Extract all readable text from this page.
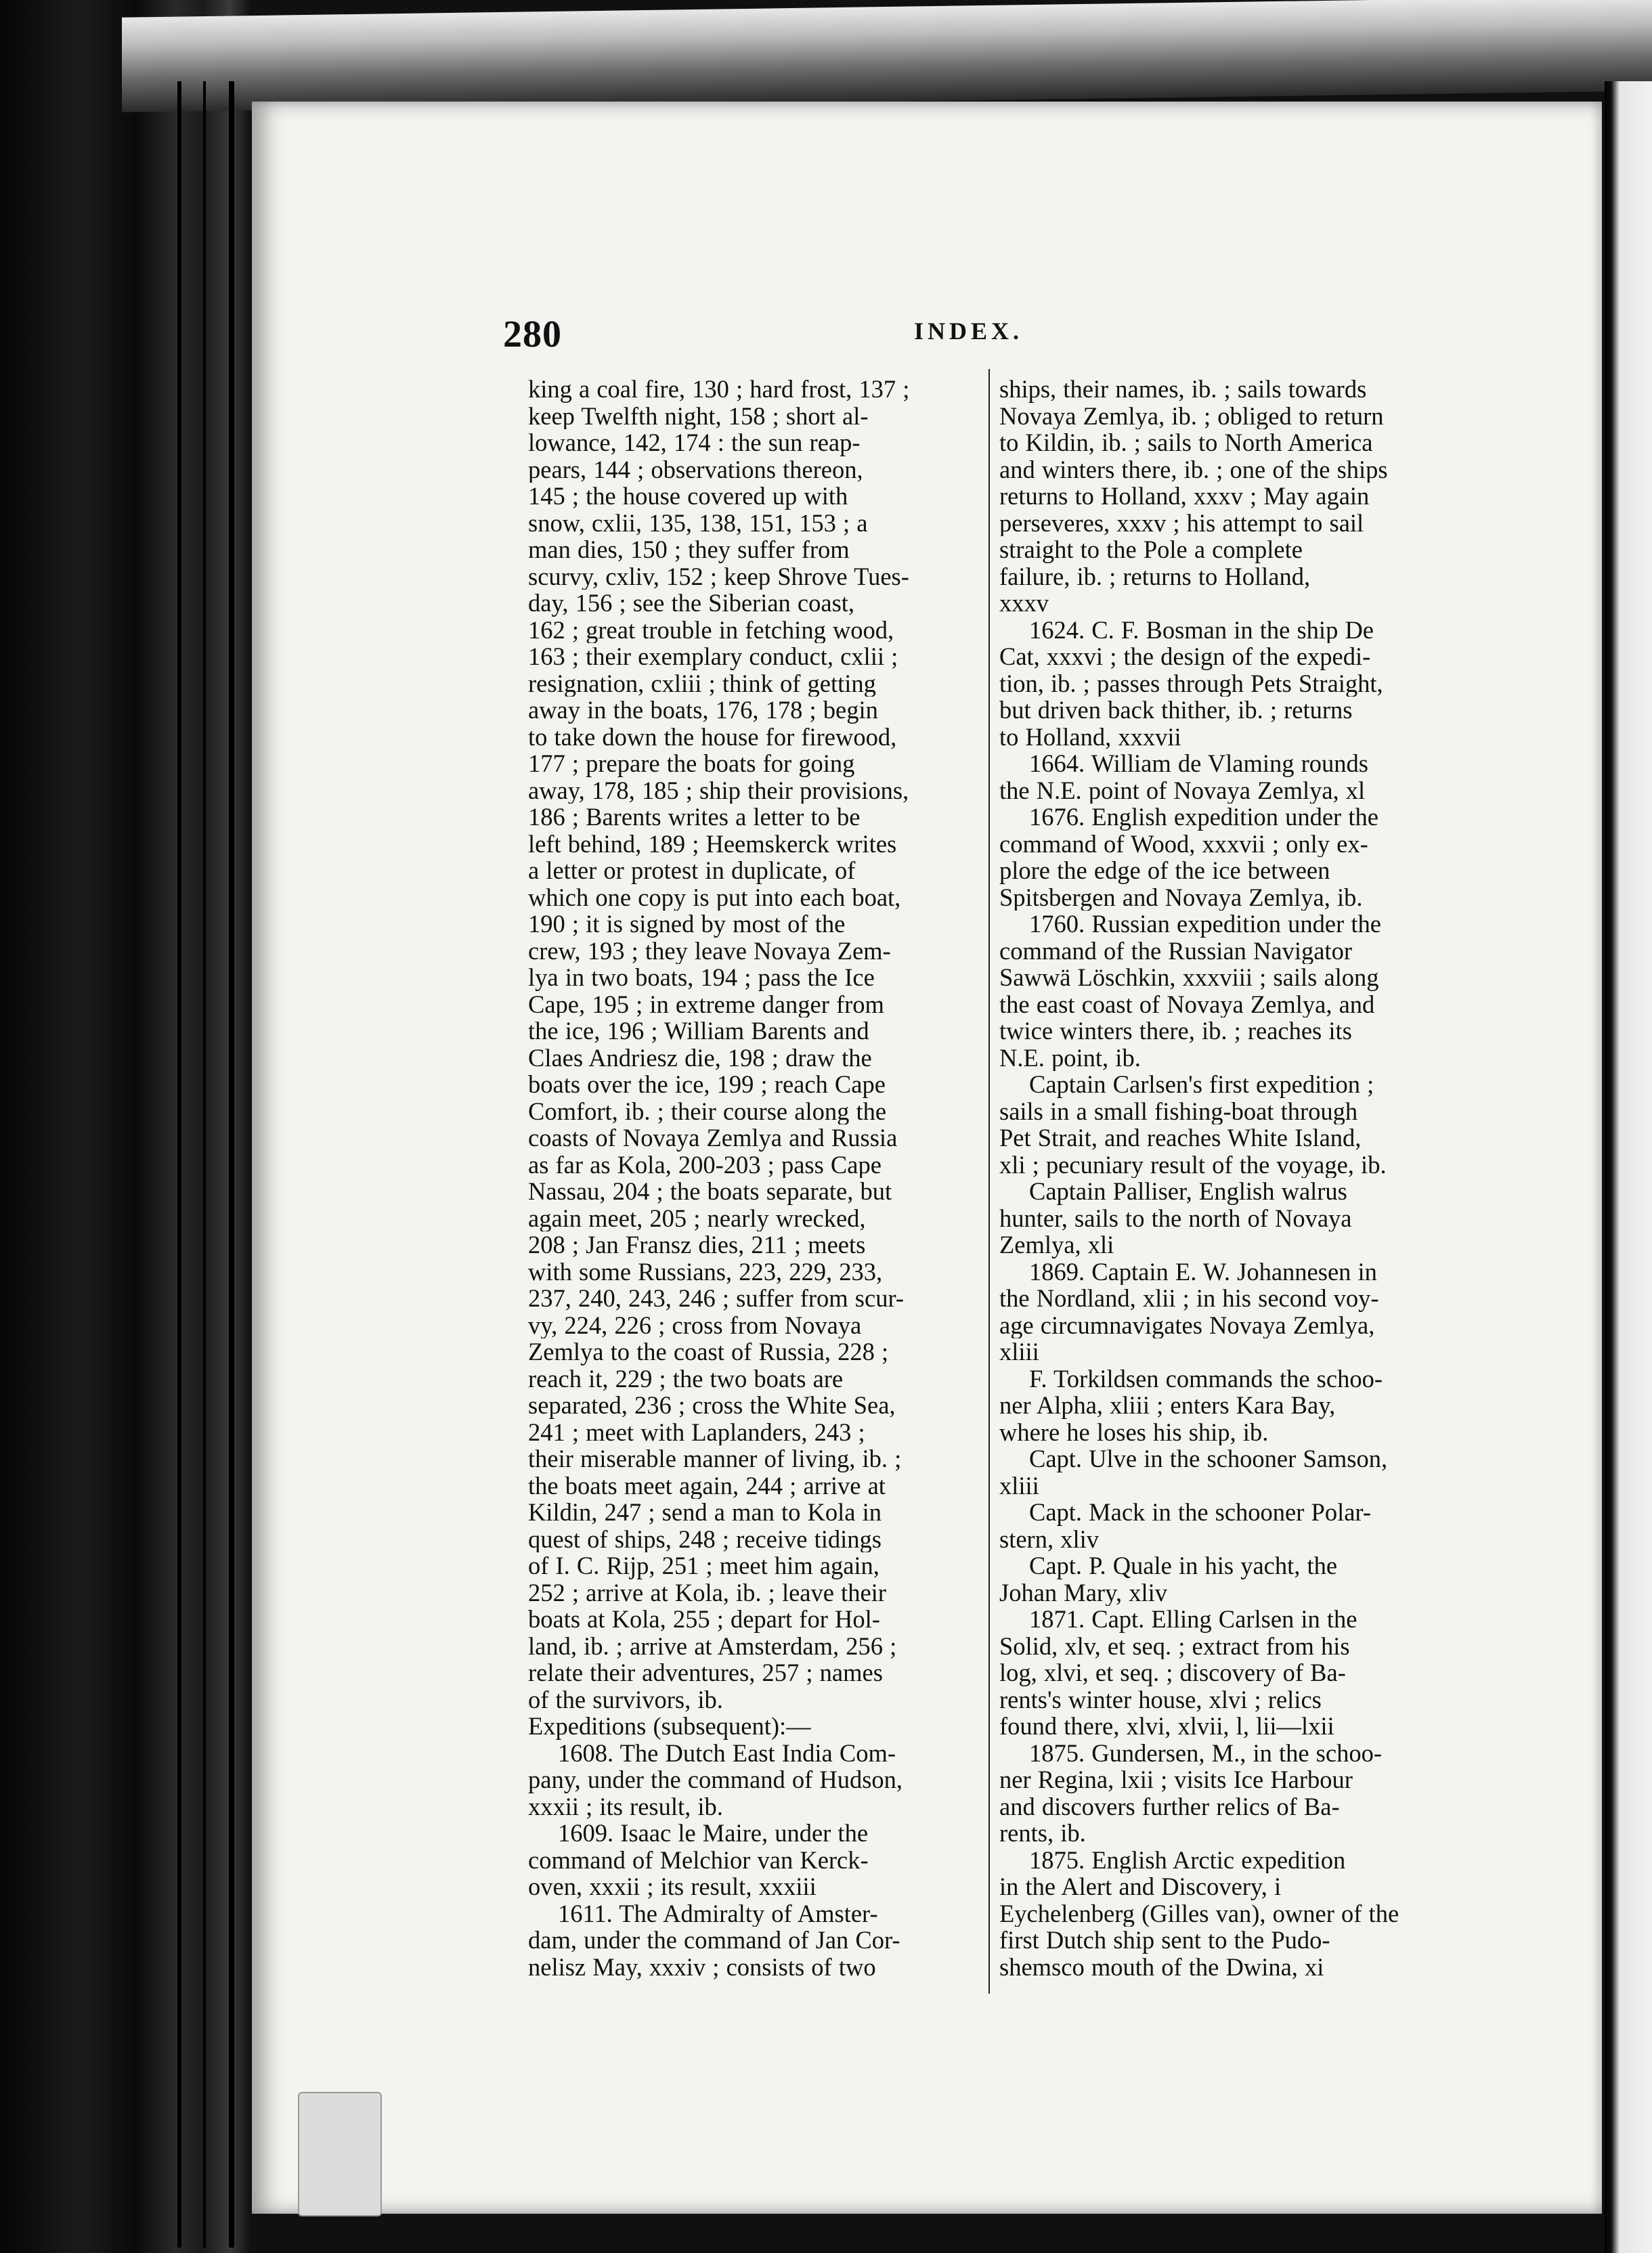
280	INDEX.
king a coal fire, 130 ; hard frost, 137 ;
keep Twelfth night, 158 ; short al-
lowance, 142, 174 : the sun reap-
pears, 144 ; observations thereon,
145 ; the house covered up with
snow, cxlii, 135, 138, 151, 153 ; a
man dies, 150 ; they suffer from
scurvy, cxliv, 152 ; keep Shrove Tues-
day, 156 ; see the Siberian coast,
162 ; great trouble in fetching wood,
163 ; their exemplary conduct, cxlii ;
resignation, cxliii ; think of getting
away in the boats, 176, 178 ; begin
to take down the house for firewood,
177 ; prepare the boats for going
away, 178, 185 ; ship their provisions,
186 ; Barents writes a letter to be
left behind, 189 ; Heemskerck writes
a letter or protest in duplicate, of
which one copy is put into each boat,
190 ; it is signed by most of the
crew, 193 ; they leave Novaya Zem-
lya in two boats, 194 ; pass the Ice
Cape, 195 ; in extreme danger from
the ice, 196 ; William Barents and
Claes Andriesz die, 198 ; draw the
boats over the ice, 199 ; reach Cape
Comfort, ib. ; their course along the
coasts of Novaya Zemlya and Russia
as far as Kola, 200-203 ; pass Cape
Nassau, 204 ; the boats separate, but
again meet, 205 ; nearly wrecked,
208 ; Jan Fransz dies, 211 ; meets
with some Russians, 223, 229, 233,
237, 240, 243, 246 ; suffer from scur-
vy, 224, 226 ; cross from Novaya
Zemlya to the coast of Russia, 228 ;
reach it, 229 ; the two boats are
separated, 236 ; cross the White Sea,
241 ; meet with Laplanders, 243 ;
their miserable manner of living, ib. ;
the boats meet again, 244 ; arrive at
Kildin, 247 ; send a man to Kola in
quest of ships, 248 ; receive tidings
of I. C. Rijp, 251 ; meet him again,
252 ; arrive at Kola, ib. ; leave their
boats at Kola, 255 ; depart for Hol-
land, ib. ; arrive at Amsterdam, 256 ;
relate their adventures, 257 ; names
of the survivors, ib.
Expeditions (subsequent):—
1608. The Dutch East India Com-
pany, under the command of Hudson,
xxxii ; its result, ib.
1609. Isaac le Maire, under the
command of Melchior van Kerck-
oven, xxxii ; its result, xxxiii
1611. The Admiralty of Amster-
dam, under the command of Jan Cor-
nelisz May, xxxiv ; consists of two
ships, their names, ib. ; sails towards
Novaya Zemlya, ib. ; obliged to return
to Kildin, ib. ; sails to North America
and winters there, ib. ; one of the ships
returns to Holland, xxxv ; May again
perseveres, xxxv ; his attempt to sail
straight to the Pole a complete
failure, ib. ; returns to Holland,
xxxv
1624. C. F. Bosman in the ship De
Cat, xxxvi ; the design of the expedi-
tion, ib. ; passes through Pets Straight,
but driven back thither, ib. ; returns
to Holland, xxxvii
1664. William de Vlaming rounds
the N.E. point of Novaya Zemlya, xl
1676. English expedition under the
command of Wood, xxxvii ; only ex-
plore the edge of the ice between
Spitsbergen and Novaya Zemlya, ib.
1760. Russian expedition under the
command of the Russian Navigator
Sawwä Löschkin, xxxviii ; sails along
the east coast of Novaya Zemlya, and
twice winters there, ib. ; reaches its
N.E. point, ib.
Captain Carlsen's first expedition ;
sails in a small fishing-boat through
Pet Strait, and reaches White Island,
xli ; pecuniary result of the voyage, ib.
Captain Palliser, English walrus
hunter, sails to the north of Novaya
Zemlya, xli
1869. Captain E. W. Johannesen in
the Nordland, xlii ; in his second voy-
age circumnavigates Novaya Zemlya,
xliii
F. Torkildsen commands the schoo-
ner Alpha, xliii ; enters Kara Bay,
where he loses his ship, ib.
Capt. Ulve in the schooner Samson,
xliii
Capt. Mack in the schooner Polar-
stern, xliv
Capt. P. Quale in his yacht, the
Johan Mary, xliv
1871. Capt. Elling Carlsen in the
Solid, xlv, et seq. ; extract from his
log, xlvi, et seq. ; discovery of Ba-
rents's winter house, xlvi ; relics
found there, xlvi, xlvii, l, lii—lxii
1875. Gundersen, M., in the schoo-
ner Regina, lxii ; visits Ice Harbour
and discovers further relics of Ba-
rents, ib.
1875. English Arctic expedition
in the Alert and Discovery, i
Eychelenberg (Gilles van), owner of the
first Dutch ship sent to the Pudo-
shemsco mouth of the Dwina, xi
